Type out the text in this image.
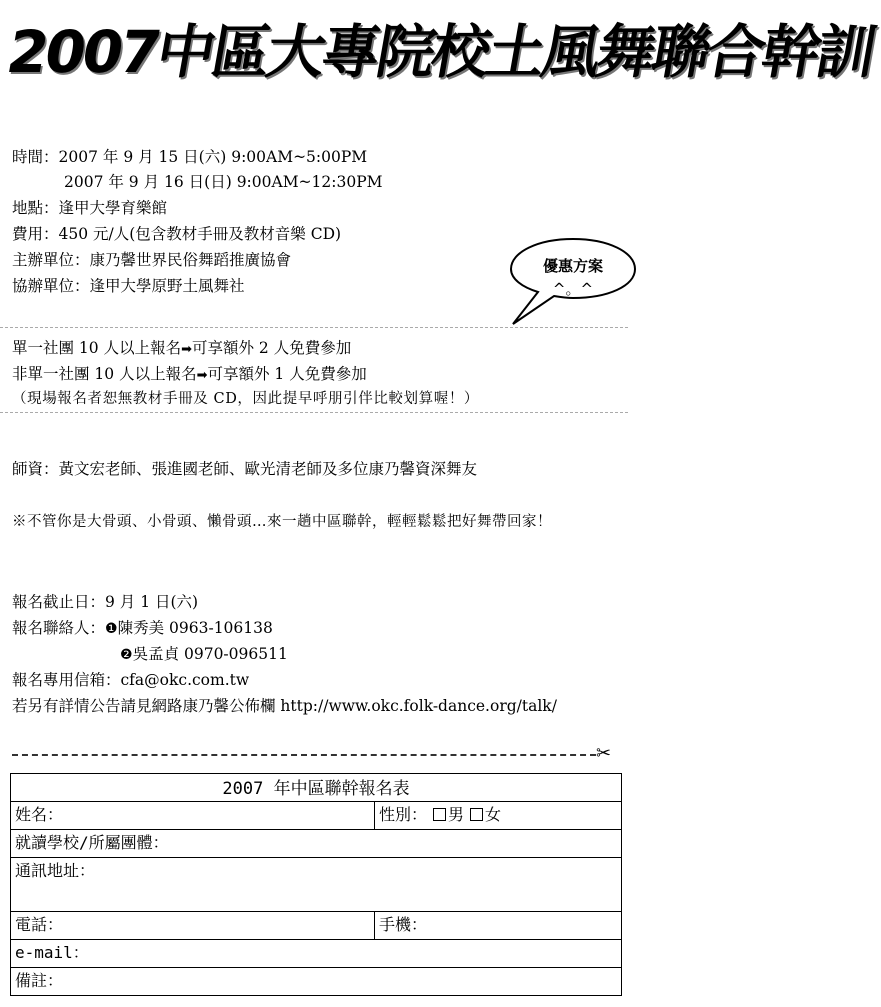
2007中區大專院校土風舞聯合幹訓
時間：2007 年 9 月 15 日(六) 9:00AM~5:00PM
2007 年 9 月 16 日(日) 9:00AM~12:30PM
地點：逢甲大學育樂館
費用：450 元/人(包含教材手冊及教材音樂 CD)
主辦單位：康乃馨世界民俗舞蹈推廣協會
協辦單位：逢甲大學原野土風舞社
優惠方案
^。^
單一社團 10 人以上報名➡可享額外 2 人免費參加
非單一社團 10 人以上報名➡可享額外 1 人免費參加
（現場報名者恕無教材手冊及 CD，因此提早呼朋引伴比較划算喔！）
師資：黃文宏老師、張進國老師、歐光清老師及多位康乃馨資深舞友
※不管你是大骨頭、小骨頭、懶骨頭…來一趟中區聯幹，輕輕鬆鬆把好舞帶回家！
報名截止日：9 月 1 日(六)
報名聯絡人：❶陳秀美 0963-106138
❷吳孟貞 0970-096511
報名專用信箱：cfa@okc.com.tw
若另有詳情公告請見網路康乃馨公佈欄 http://www.okc.folk-dance.org/talk/
✂
2007 年中區聯幹報名表	
姓名：	性別： 男 女
就讀學校/所屬團體：	
通訊地址：	
電話：	手機：
e-mail：	
備註：	
